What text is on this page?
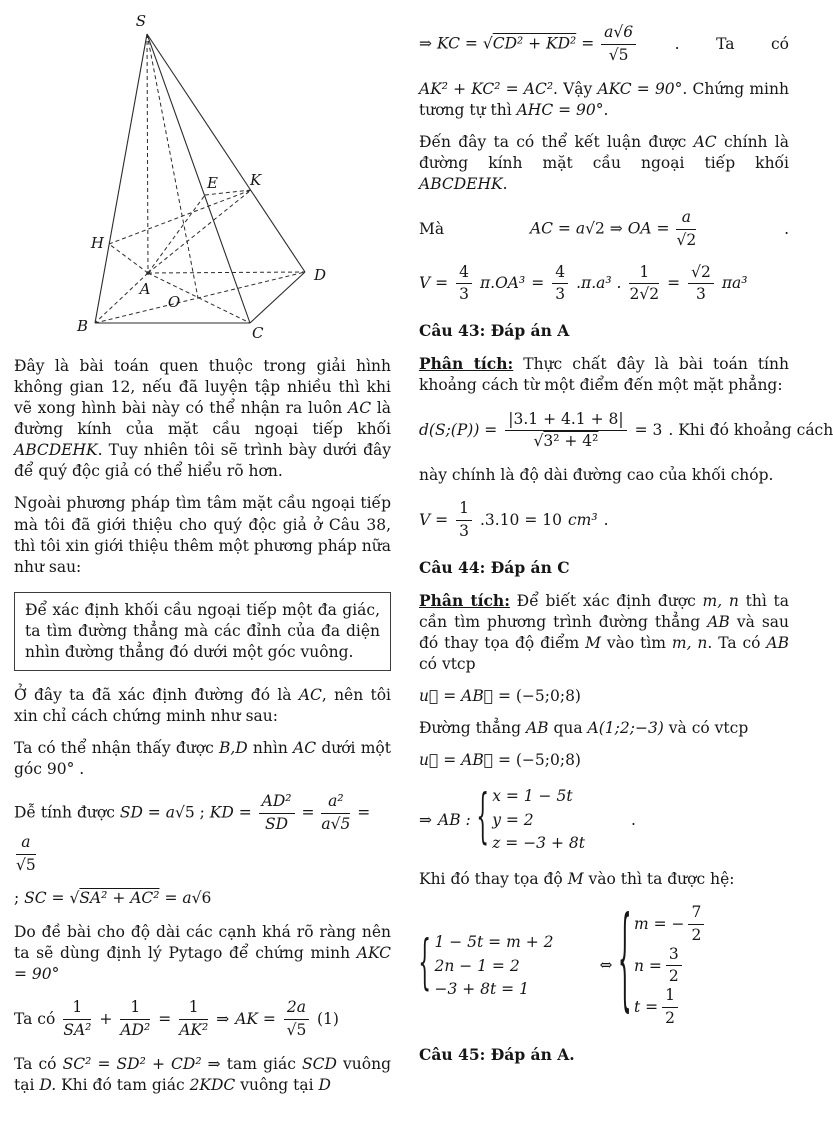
S
E K
H
A
O
B	C
D

Đây là bài toán quen thuộc trong giải hình không gian 12, nếu đã luyện tập nhiều thì khi vẽ xong hình bài này có thể nhận ra luôn AC là đường kính của mặt cầu ngoại tiếp khối ABCDEHK. Tuy nhiên tôi sẽ trình bày dưới đây để quý độc giả có thể hiểu rõ hơn.

Ngoài phương pháp tìm tâm mặt cầu ngoại tiếp mà tôi đã giới thiệu cho quý độc giả ở Câu 38, thì tôi xin giới thiệu thêm một phương pháp nữa như sau:

Để xác định khối cầu ngoại tiếp một đa giác, ta tìm đường thẳng mà các đỉnh của đa diện nhìn đường thẳng đó dưới một góc vuông.

Ở đây ta đã xác định đường đó là AC, nên tôi xin chỉ cách chứng minh như sau:

Ta có thể nhận thấy được B,D nhìn AC dưới một góc 90° .

Dễ tính được SD = a√5 ; KD = $\frac{\text{AD²}}{SD} = \frac{\text{a²}}{a√5}$ =
$\frac{a}{√5}$

; SC = √SA² + AC² = a√6

Do đề bài cho độ dài các cạnh khá rõ ràng nên ta sẽ dùng định lý Pytago để chứng minh AKC = 90°

Ta có $\frac{1}{\text{SA²}} + \frac{1}{\text{AD²}} = \frac{1}{\text{AK²}}$ ⇒ AK = $\frac{2a}{√5} (1)$

Ta có SC² = SD² + CD² ⇒ tam giác SCD vuông tại D. Khi đó tam giác 2KDC vuông tại D

⇒ KC = $√CD^2 + KD^2 = \frac{a√6}{√5}$ . Ta có

AK² + KC² = AC². Vậy AKC = 90°. Chứng minh tương tự thì AHC = 90°.

Đến đây ta có thể kết luận được AC chính là đường kính mặt cầu ngoại tiếp khối ABCDEHK.

Mà	AC = a√2 ⇒ OA = $\frac{a}{√2}$	.
$V = \frac{4}{3} \pi.OA^3 = \frac{4}{3} .\pi.a^3$ . $\frac{1}{2√2} = \frac{√2}{3} \pi a^3$
Câu 43: Đáp án A

Phân tích: Thực chất đây là bài toán tính khoảng cách từ một điểm đến một mặt phẳng:

d(S;(P)) = $\frac{|3.1 + 4.1 + 8|}{\text{√3² + 4²}} = 3$ . Khi đó khoảng cách

này chính là độ dài đường cao của khối chóp.

$V = \frac{1}{3} .3.10 = 10$ cm³ .
Câu 44: Đáp án C

Phân tích: Để biết xác định được m, n thì ta cần tìm phương trình đường thẳng AB và sau đó thay tọa độ điểm M vào tìm m, n. Ta có AB có vtcp

u⃗ = AB⃗ = (−5;0;8)

Đường thẳng AB qua A(1;2;−3) và có vtcp

u⃗ = AB⃗ = (−5;0;8)

⇒ AB : { x = 1 − 5t
y = 2
z = −3 + 8t
.

Khi đó thay tọa độ M vào thì ta được hệ:

{ 1 − 5t = m + 2
2n − 1 = 2
−3 + 8t = 1
⇔ { m = − $\frac{7}{2}$
$n = \frac{3}{2}$
$t = \frac{1}{2}$
Câu 45: Đáp án A.
